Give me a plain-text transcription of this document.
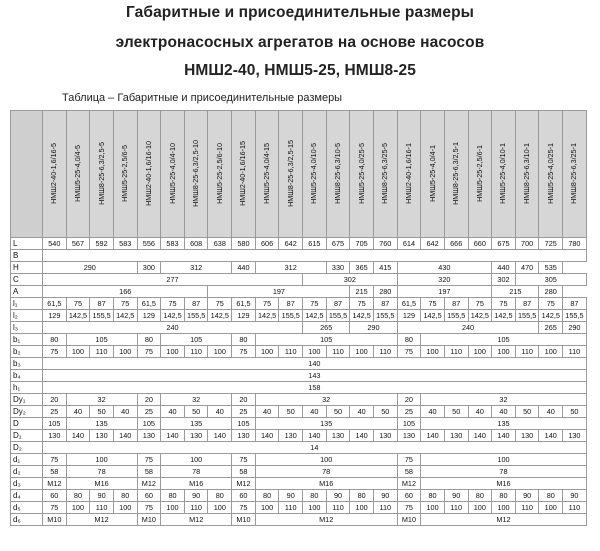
Габаритные и присоединительные размеры
электронасосных агрегатов на основе насосов
НМШ2-40, НМШ5-25, НМШ8-25
Таблица – Габаритные и присоединительные размеры
	НМШ2-40-1,6/16-5	НМШ5-25-4,0/4-5	НМШ8-25-6,3/2,5-5	НМШ5-25-2,5/6-5	НМШ2-40-1,6/16-10	НМШ5-25-4,0/4-10	НМШ8-25-6,3/2,5-10	НМШ5-25-2,5/6-10	НМШ2-40-1,6/16-15	НМШ5-25-4,0/4-15	НМШ8-25-6,3/2,5-15	НМШ5-25-4,0/10-5	НМШ8-25-6,3/10-5	НМШ5-25-4,0/25-5	НМШ8-25-6,3/25-5	НМШ2-40-1,6/16-1	НМШ5-25-4,0/4-1	НМШ8-25-6,3/2,5-1	НМШ5-25-2,5/6-1	НМШ5-25-4,0/10-1	НМШ8-25-6,3/10-1	НМШ5-25-4,0/25-1	НМШ8-25-6,3/25-1
L	540	567	592	583	556	583	608	638	580	606	642	615	675	705	760	614	642	666	660	675	700	725	780
B																							
H	290				300	312			440	312			330	365	415	430				440	470	535	
C	277											302				320				302	305		
A	166							197						215	280	197				215		280	
l₁	61,5	75	87	75	61,5	75	87	75	61,5	75	87	75	87	75	87	61,5	75	87	75	75	87	75	87
l₂	129	142,5	155,5	142,5	129	142,5	155,5	142,5	129	142,5	155,5	142,5	155,5	142,5	155,5	129	142,5	155,5	142,5	142,5	155,5	142,5	155,5
l₃	240											265		290		240						265	290
b₁	80	105			80	105			80	105						80	105						
b₂	75	100	110	100	75	100	110	100	75	100	110	100	110	100	110	75	100	110	100	100	110	100	110
b₃	140																						
b₄	143																						
h₁	158																						
Dy₁	20	32			20	32			20	32						20	32						
Dy₂	25	40	50	40	25	40	50	40	25	40	50	40	50	40	50	25	40	50	40	40	50	40	50
D	105	135			105	135			105	135						105	135						
D₁	130	140	130	140	130	140	130	140	130	140	130	140	130	140	130	130	140	130	140	140	130	140	130
D₂	14																						
d₁	75	100			75	100			75	100						75	100						
d₂	58	78			58	78			58	78						58	78						
d₃	M12	M16			M12	M16			M12	M16						M12	M16						
d₄	60	80	90	80	60	80	90	80	60	80	90	80	90	80	90	60	80	90	80	80	90	80	90
d₅	75	100	110	100	75	100	110	100	75	100	110	100	110	100	110	75	100	110	100	100	110	100	110
d₆	M10	M12			M10	M12			M10	M12						M10	M12						
